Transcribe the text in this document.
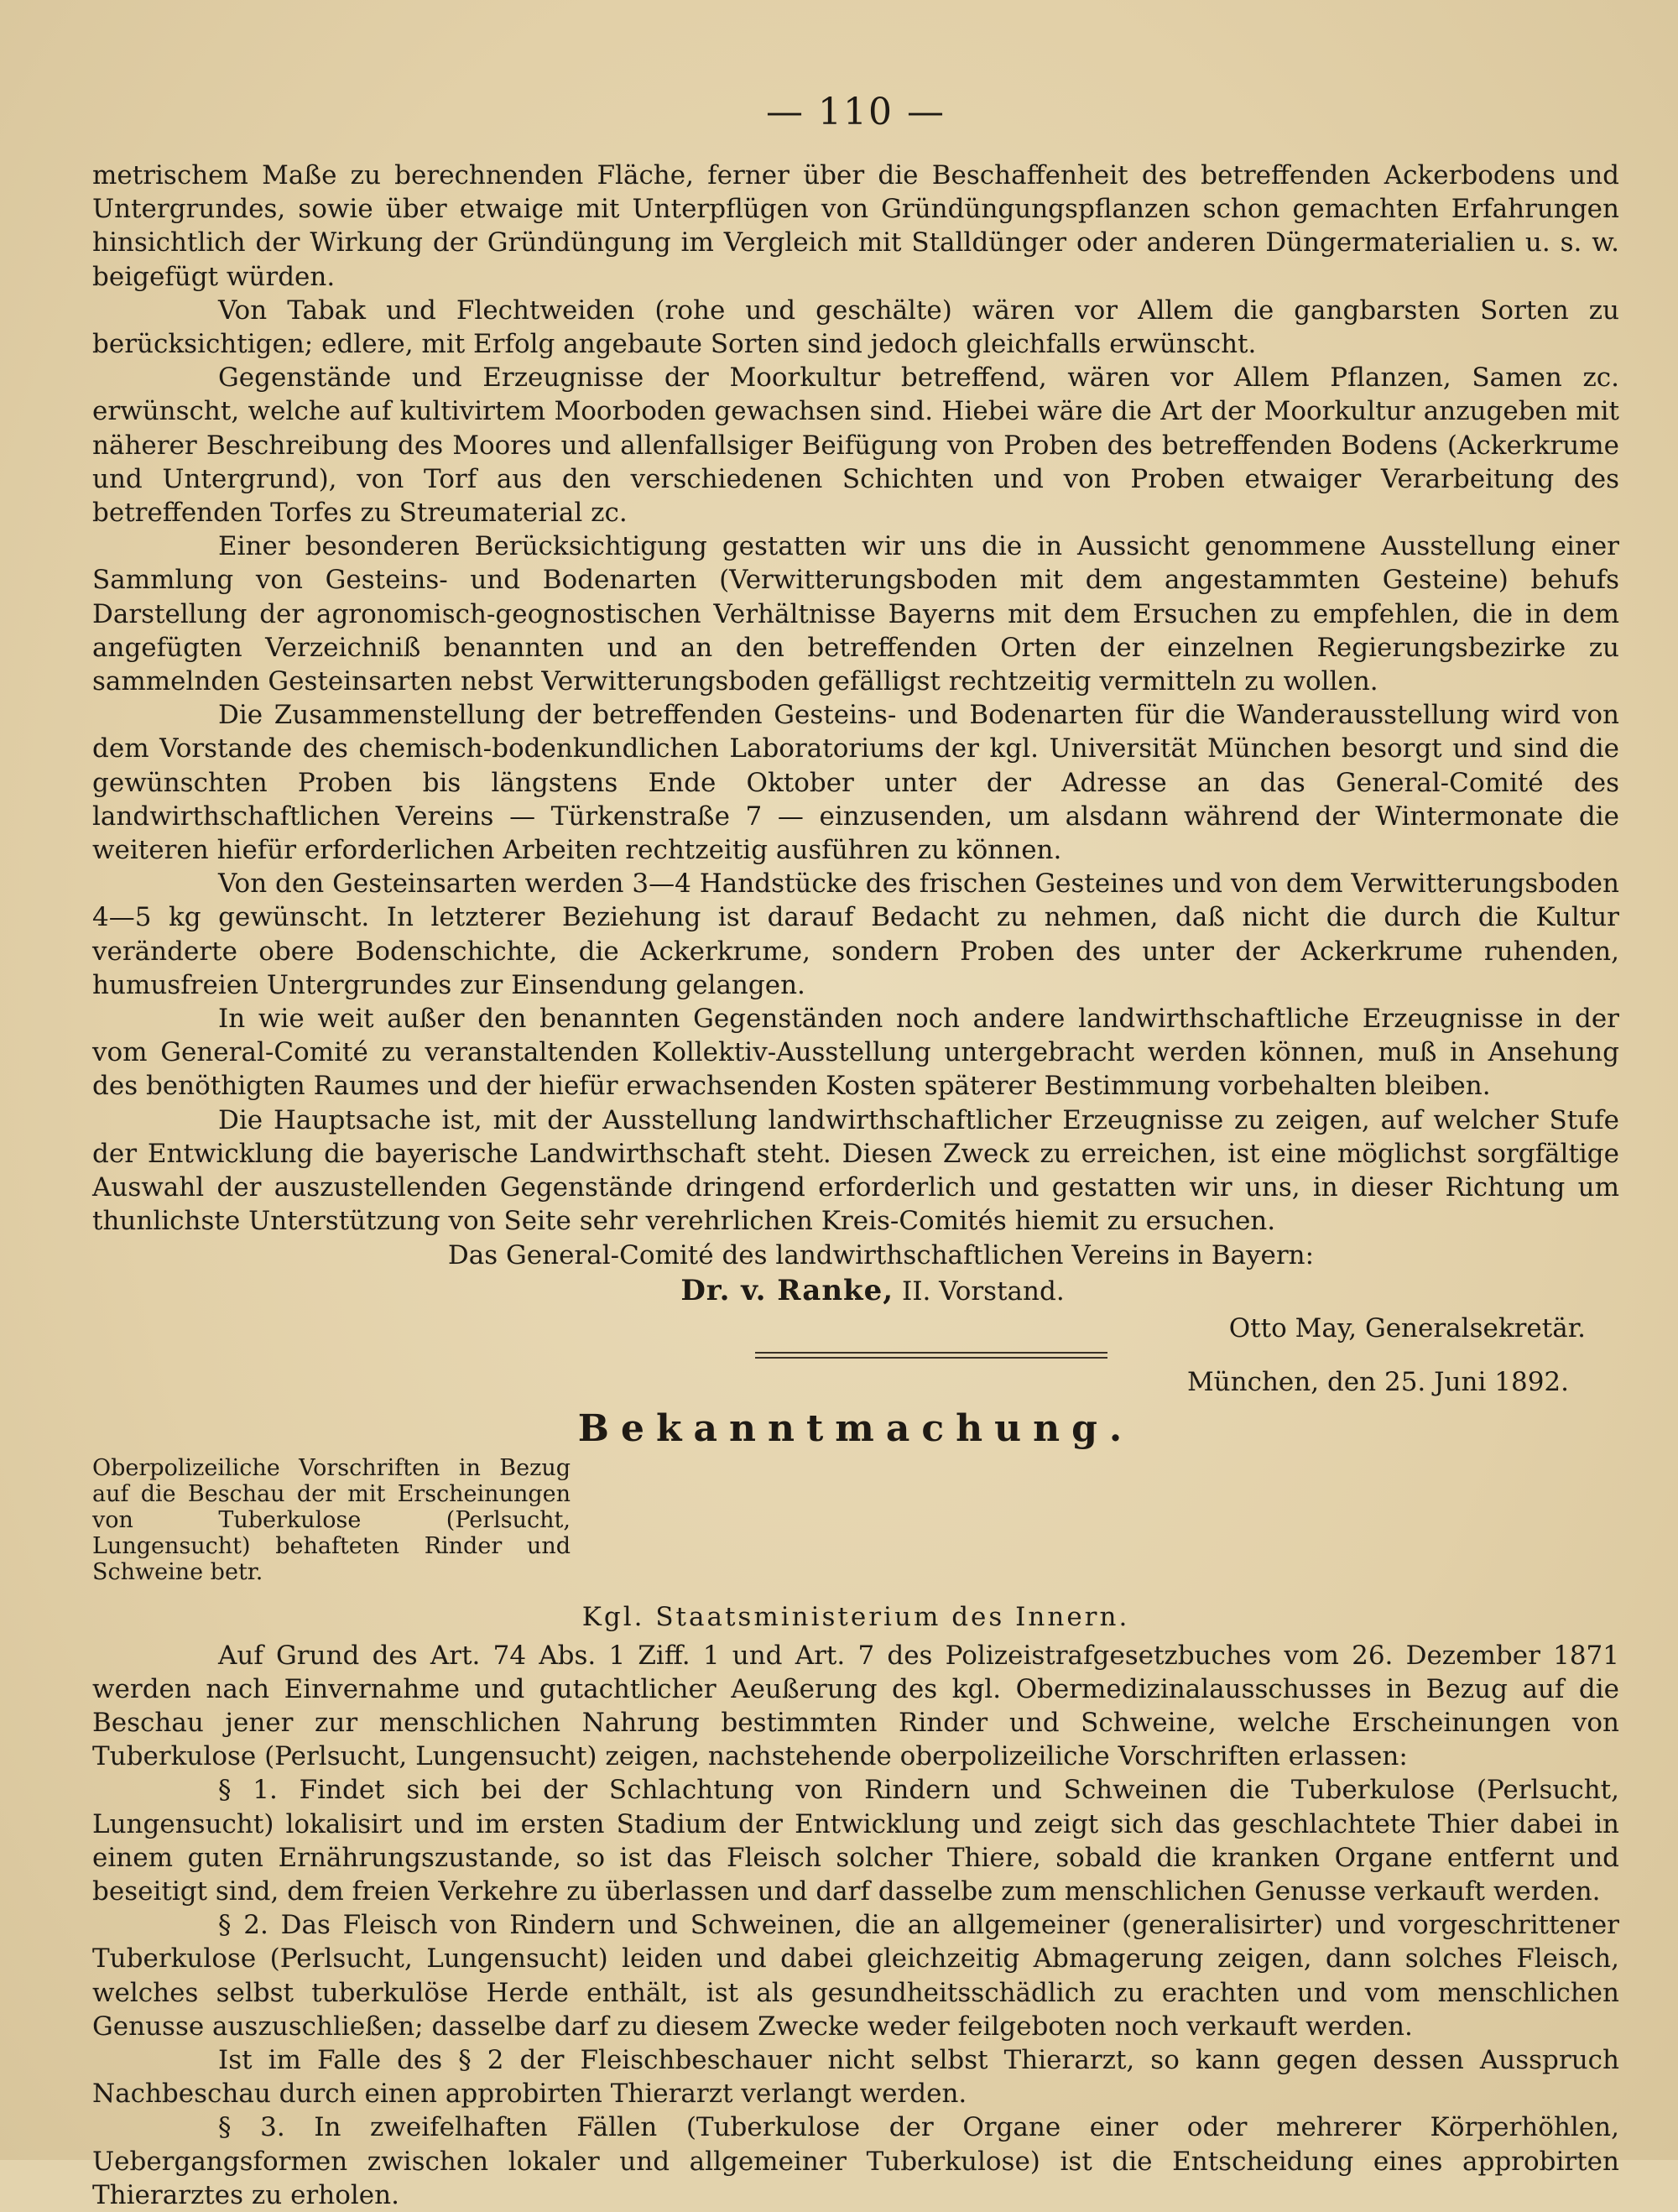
— 110 —

metrischem Maße zu berechnenden Fläche, ferner über die Beschaffenheit des betreffenden Ackerbodens und Untergrundes, sowie über etwaige mit Unterpflügen von Gründüngungspflanzen schon gemachten Erfahrungen hinsichtlich der Wirkung der Gründüngung im Vergleich mit Stalldünger oder anderen Düngermaterialien u. s. w. beigefügt würden.

Von Tabak und Flechtweiden (rohe und geschälte) wären vor Allem die gangbarsten Sorten zu berücksichtigen; edlere, mit Erfolg angebaute Sorten sind jedoch gleichfalls erwünscht.

Gegenstände und Erzeugnisse der Moorkultur betreffend, wären vor Allem Pflanzen, Samen zc. erwünscht, welche auf kultivirtem Moorboden gewachsen sind. Hiebei wäre die Art der Moorkultur anzugeben mit näherer Beschreibung des Moores und allenfallsiger Beifügung von Proben des betreffenden Bodens (Ackerkrume und Untergrund), von Torf aus den verschiedenen Schichten und von Proben etwaiger Verarbeitung des betreffenden Torfes zu Streumaterial zc.

Einer besonderen Berücksichtigung gestatten wir uns die in Aussicht genommene Ausstellung einer Sammlung von Gesteins- und Bodenarten (Verwitterungsboden mit dem angestammten Gesteine) behufs Darstellung der agronomisch-geognostischen Verhältnisse Bayerns mit dem Ersuchen zu empfehlen, die in dem angefügten Verzeichniß benannten und an den betreffenden Orten der einzelnen Regierungsbezirke zu sammelnden Gesteinsarten nebst Verwitterungsboden gefälligst rechtzeitig vermitteln zu wollen.

Die Zusammenstellung der betreffenden Gesteins- und Bodenarten für die Wanderausstellung wird von dem Vorstande des chemisch-bodenkundlichen Laboratoriums der kgl. Universität München besorgt und sind die gewünschten Proben bis längstens Ende Oktober unter der Adresse an das General-Comité des landwirthschaftlichen Vereins — Türkenstraße 7 — einzusenden, um alsdann während der Wintermonate die weiteren hiefür erforderlichen Arbeiten rechtzeitig ausführen zu können.

Von den Gesteinsarten werden 3—4 Handstücke des frischen Gesteines und von dem Verwitterungsboden 4—5 kg gewünscht. In letzterer Beziehung ist darauf Bedacht zu nehmen, daß nicht die durch die Kultur veränderte obere Bodenschichte, die Ackerkrume, sondern Proben des unter der Ackerkrume ruhenden, humusfreien Untergrundes zur Einsendung gelangen.

In wie weit außer den benannten Gegenständen noch andere landwirthschaftliche Erzeugnisse in der vom General-Comité zu veranstaltenden Kollektiv-Ausstellung untergebracht werden können, muß in Ansehung des benöthigten Raumes und der hiefür erwachsenden Kosten späterer Bestimmung vorbehalten bleiben.

Die Hauptsache ist, mit der Ausstellung landwirthschaftlicher Erzeugnisse zu zeigen, auf welcher Stufe der Entwicklung die bayerische Landwirthschaft steht. Diesen Zweck zu erreichen, ist eine möglichst sorgfältige Auswahl der auszustellenden Gegenstände dringend erforderlich und gestatten wir uns, in dieser Richtung um thunlichste Unterstützung von Seite sehr verehrlichen Kreis-Comités hiemit zu ersuchen.

Das General-Comité des landwirthschaftlichen Vereins in Bayern:

Dr. v. Ranke, II. Vorstand.

Otto May, Generalsekretär.

München, den 25. Juni 1892.

Bekanntmachung.

Oberpolizeiliche Vorschriften in Bezug auf die Beschau der mit Erscheinungen von Tuberkulose (Perlsucht, Lungensucht) behafteten Rinder und Schweine betr.

Kgl. Staatsministerium des Innern.

Auf Grund des Art. 74 Abs. 1 Ziff. 1 und Art. 7 des Polizeistrafgesetzbuches vom 26. Dezember 1871 werden nach Einvernahme und gutachtlicher Aeußerung des kgl. Obermedizinalausschusses in Bezug auf die Beschau jener zur menschlichen Nahrung bestimmten Rinder und Schweine, welche Erscheinungen von Tuberkulose (Perlsucht, Lungensucht) zeigen, nachstehende oberpolizeiliche Vorschriften erlassen:

§ 1. Findet sich bei der Schlachtung von Rindern und Schweinen die Tuberkulose (Perlsucht, Lungensucht) lokalisirt und im ersten Stadium der Entwicklung und zeigt sich das geschlachtete Thier dabei in einem guten Ernährungszustande, so ist das Fleisch solcher Thiere, sobald die kranken Organe entfernt und beseitigt sind, dem freien Verkehre zu überlassen und darf dasselbe zum menschlichen Genusse verkauft werden.

§ 2. Das Fleisch von Rindern und Schweinen, die an allgemeiner (generalisirter) und vorgeschrittener Tuberkulose (Perlsucht, Lungensucht) leiden und dabei gleichzeitig Abmagerung zeigen, dann solches Fleisch, welches selbst tuberkulöse Herde enthält, ist als gesundheitsschädlich zu erachten und vom menschlichen Genusse auszuschließen; dasselbe darf zu diesem Zwecke weder feilgeboten noch verkauft werden.

Ist im Falle des § 2 der Fleischbeschauer nicht selbst Thierarzt, so kann gegen dessen Ausspruch Nachbeschau durch einen approbirten Thierarzt verlangt werden.

§ 3. In zweifelhaften Fällen (Tuberkulose der Organe einer oder mehrerer Körperhöhlen, Uebergangsformen zwischen lokaler und allgemeiner Tuberkulose) ist die Entscheidung eines approbirten Thierarztes zu erholen.
